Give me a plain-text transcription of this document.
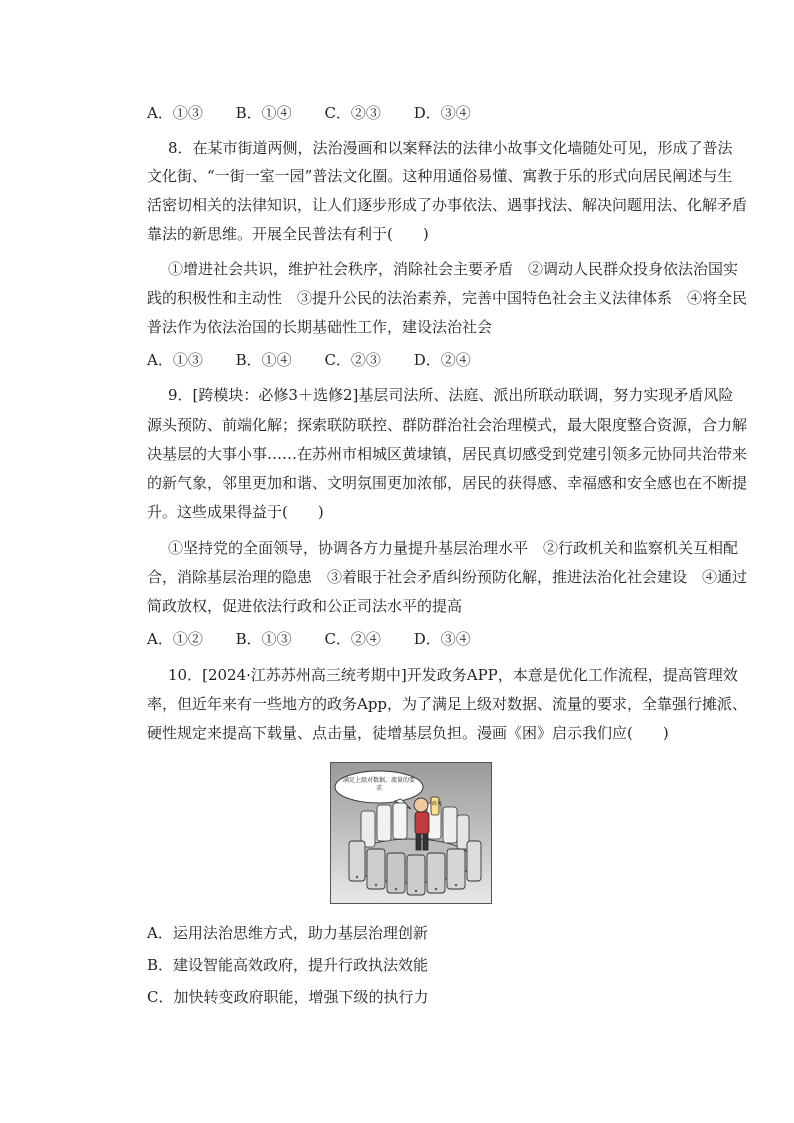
A．①③ B．①④ C．②③ D．③④
8．在某市街道两侧，法治漫画和以案释法的法律小故事文化墙随处可见，形成了普法
文化街、“一街一室一园”普法文化圈。这种用通俗易懂、寓教于乐的形式向居民阐述与生
活密切相关的法律知识，让人们逐步形成了办事依法、遇事找法、解决问题用法、化解矛盾
靠法的新思维。开展全民普法有利于(　　)
①增进社会共识，维护社会秩序，消除社会主要矛盾　②调动人民群众投身依法治国实
践的积极性和主动性　③提升公民的法治素养，完善中国特色社会主义法律体系　④将全民
普法作为依法治国的长期基础性工作，建设法治社会
A．①③ B．①④ C．②③ D．②④
9．[跨模块：必修3＋选修2]基层司法所、法庭、派出所联动联调，努力实现矛盾风险
源头预防、前端化解；探索联防联控、群防群治社会治理模式，最大限度整合资源，合力解
决基层的大事小事……在苏州市相城区黄埭镇，居民真切感受到党建引领多元协同共治带来
的新气象，邻里更加和谐、文明氛围更加浓郁，居民的获得感、幸福感和安全感也在不断提
升。这些成果得益于(　　)
①坚持党的全面领导，协调各方力量提升基层治理水平　②行政机关和监察机关互相配
合，消除基层治理的隐患　③着眼于社会矛盾纠纷预防化解，推进法治化社会建设　④通过
简政放权，促进依法行政和公正司法水平的提高
A．①② B．①③ C．②④ D．③④
10．[2024·江苏苏州高三统考期中]开发政务APP，本意是优化工作流程，提高管理效
率，但近年来有一些地方的政务App，为了满足上级对数据、流量的要求，全靠强行摊派、
硬性规定来提高下载量、点击量，徒增基层负担。漫画《困》启示我们应(　　)
满足上级对数据、流量的要求
政务
A．运用法治思维方式，助力基层治理创新
B．建设智能高效政府，提升行政执法效能
C．加快转变政府职能，增强下级的执行力
